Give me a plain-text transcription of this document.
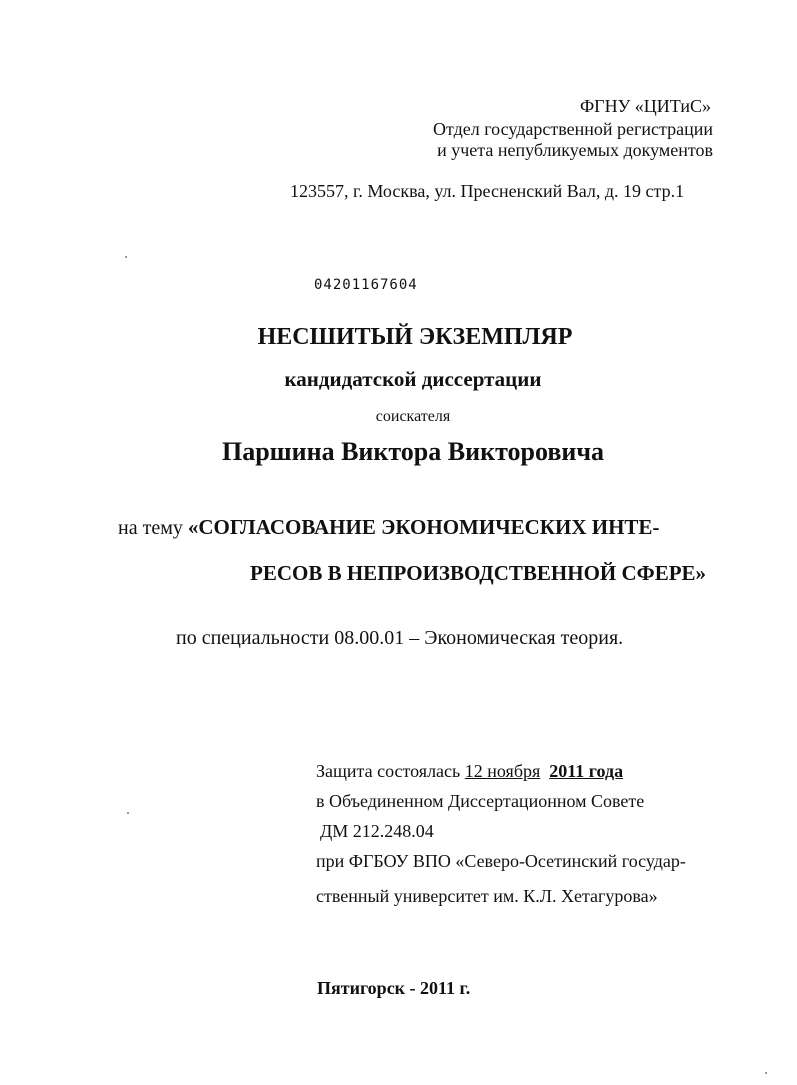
ФГНУ «ЦИТиС»
Отдел государственной регистрации
и учета непубликуемых документов
123557, г. Москва, ул. Пресненский Вал, д. 19 стр.1
04201167604
НЕСШИТЫЙ ЭКЗЕМПЛЯР
кандидатской диссертации
соискателя
Паршина Виктора Викторовича
на тему «СОГЛАСОВАНИЕ ЭКОНОМИЧЕСКИХ ИНТЕ-
РЕСОВ В НЕПРОИЗВОДСТВЕННОЙ СФЕРЕ»
по специальности 08.00.01 – Экономическая теория.
Защита состоялась 12 ноября 2011 года
в Объединенном Диссертационном Совете
ДМ 212.248.04
при ФГБОУ ВПО «Северо-Осетинский государ-
ственный университет им. К.Л. Хетагурова»
Пятигорск - 2011 г.
